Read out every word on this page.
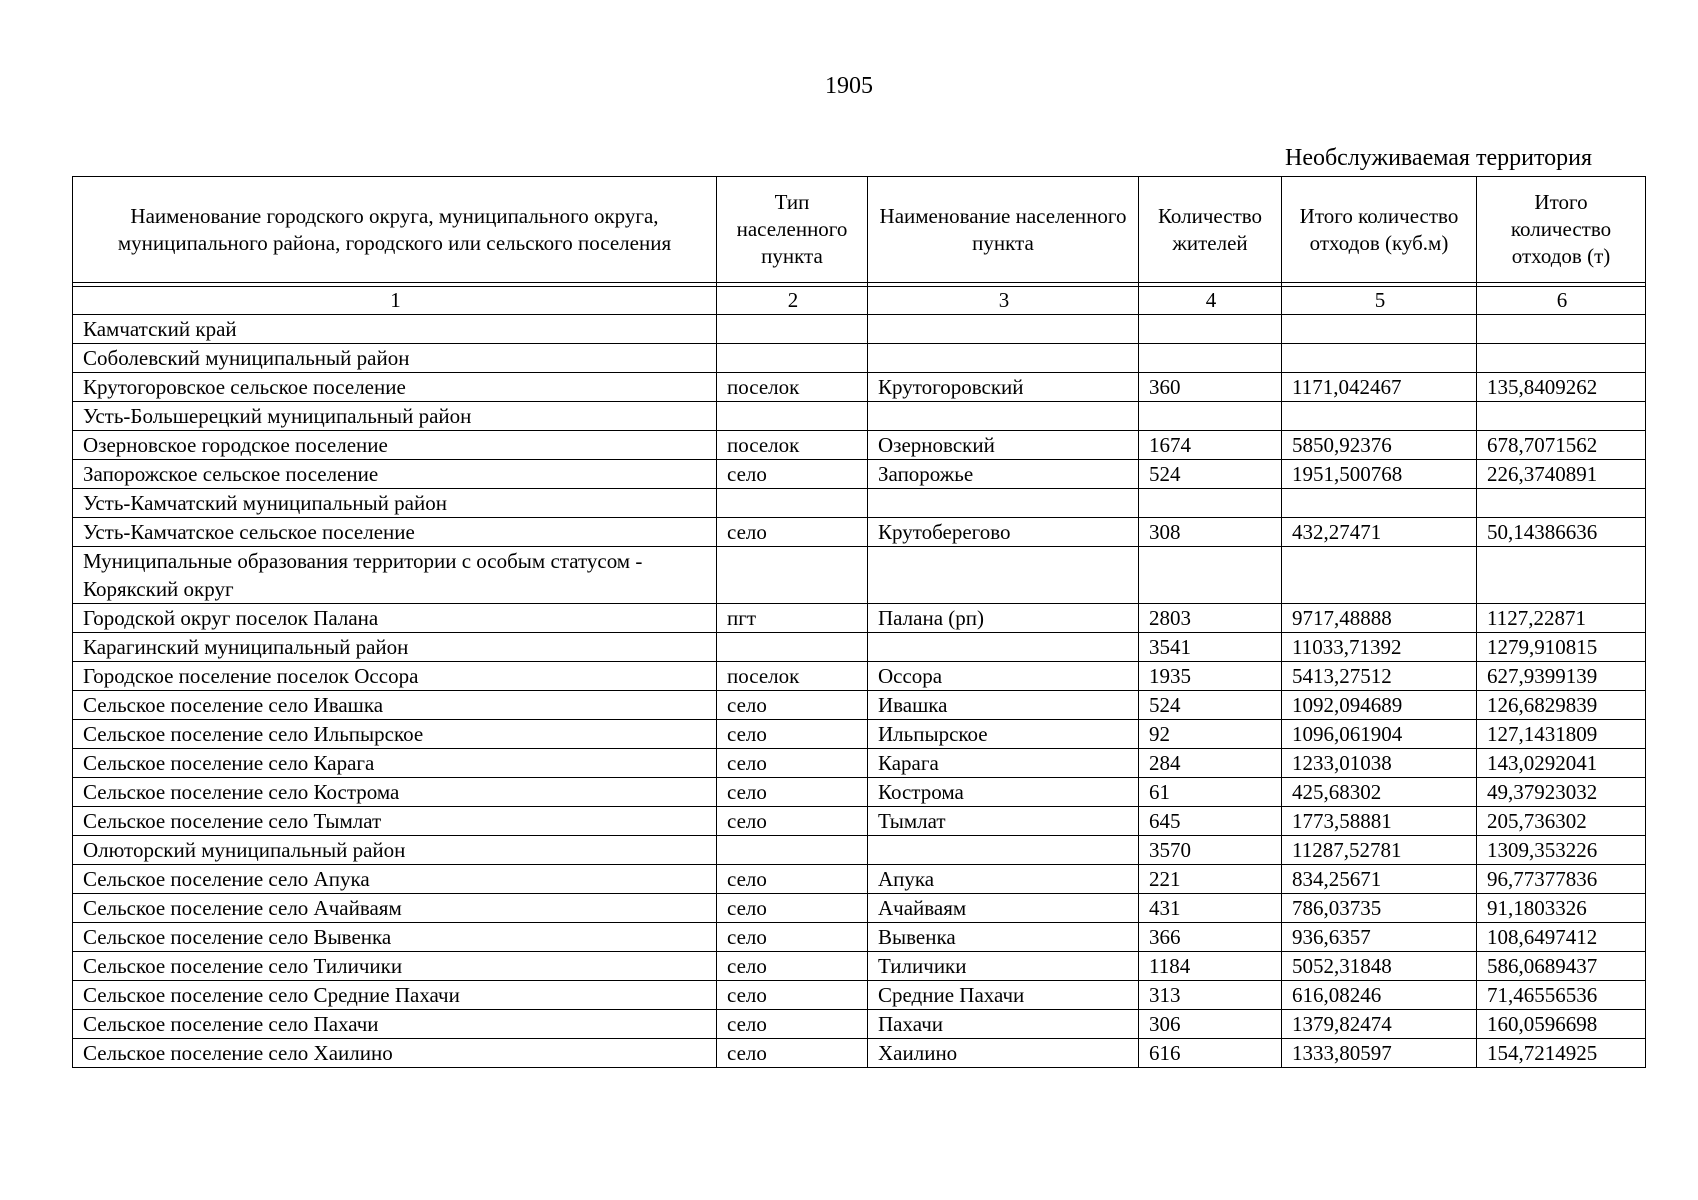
1905
Необслуживаемая территория
Наименование городского округа, муниципального округа, муниципального района, городского или сельского поселения	Тип населенного пункта	Наименование населенного пункта	Количество жителей	Итого количество отходов (куб.м)	Итого количество отходов (т)

1	2	3	4	5	6
Камчатский край					
Соболевский муниципальный район					
Крутогоровское сельское поселение	поселок	Крутогоровский	360	1171,042467	135,8409262
Усть-Большерецкий муниципальный район					
Озерновское городское поселение	поселок	Озерновский	1674	5850,92376	678,7071562
Запорожское сельское поселение	село	Запорожье	524	1951,500768	226,3740891
Усть-Камчатский муниципальный район					
Усть-Камчатское сельское поселение	село	Крутоберегово	308	432,27471	50,14386636
Муниципальные образования территории с особым статусом - Корякский округ					
Городской округ поселок Палана	пгт	Палана (рп)	2803	9717,48888	1127,22871
Карагинский муниципальный район			3541	11033,71392	1279,910815
Городское поселение поселок Оссора	поселок	Оссора	1935	5413,27512	627,9399139
Сельское поселение село Ивашка	село	Ивашка	524	1092,094689	126,6829839
Сельское поселение село Ильпырское	село	Ильпырское	92	1096,061904	127,1431809
Сельское поселение село Карага	село	Карага	284	1233,01038	143,0292041
Сельское поселение село Кострома	село	Кострома	61	425,68302	49,37923032
Сельское поселение село Тымлат	село	Тымлат	645	1773,58881	205,736302
Олюторский муниципальный район			3570	11287,52781	1309,353226
Сельское поселение село Апука	село	Апука	221	834,25671	96,77377836
Сельское поселение село Ачайваям	село	Ачайваям	431	786,03735	91,1803326
Сельское поселение село Вывенка	село	Вывенка	366	936,6357	108,6497412
Сельское поселение село Тиличики	село	Тиличики	1184	5052,31848	586,0689437
Сельское поселение село Средние Пахачи	село	Средние Пахачи	313	616,08246	71,46556536
Сельское поселение село Пахачи	село	Пахачи	306	1379,82474	160,0596698
Сельское поселение село Хаилино	село	Хаилино	616	1333,80597	154,7214925
